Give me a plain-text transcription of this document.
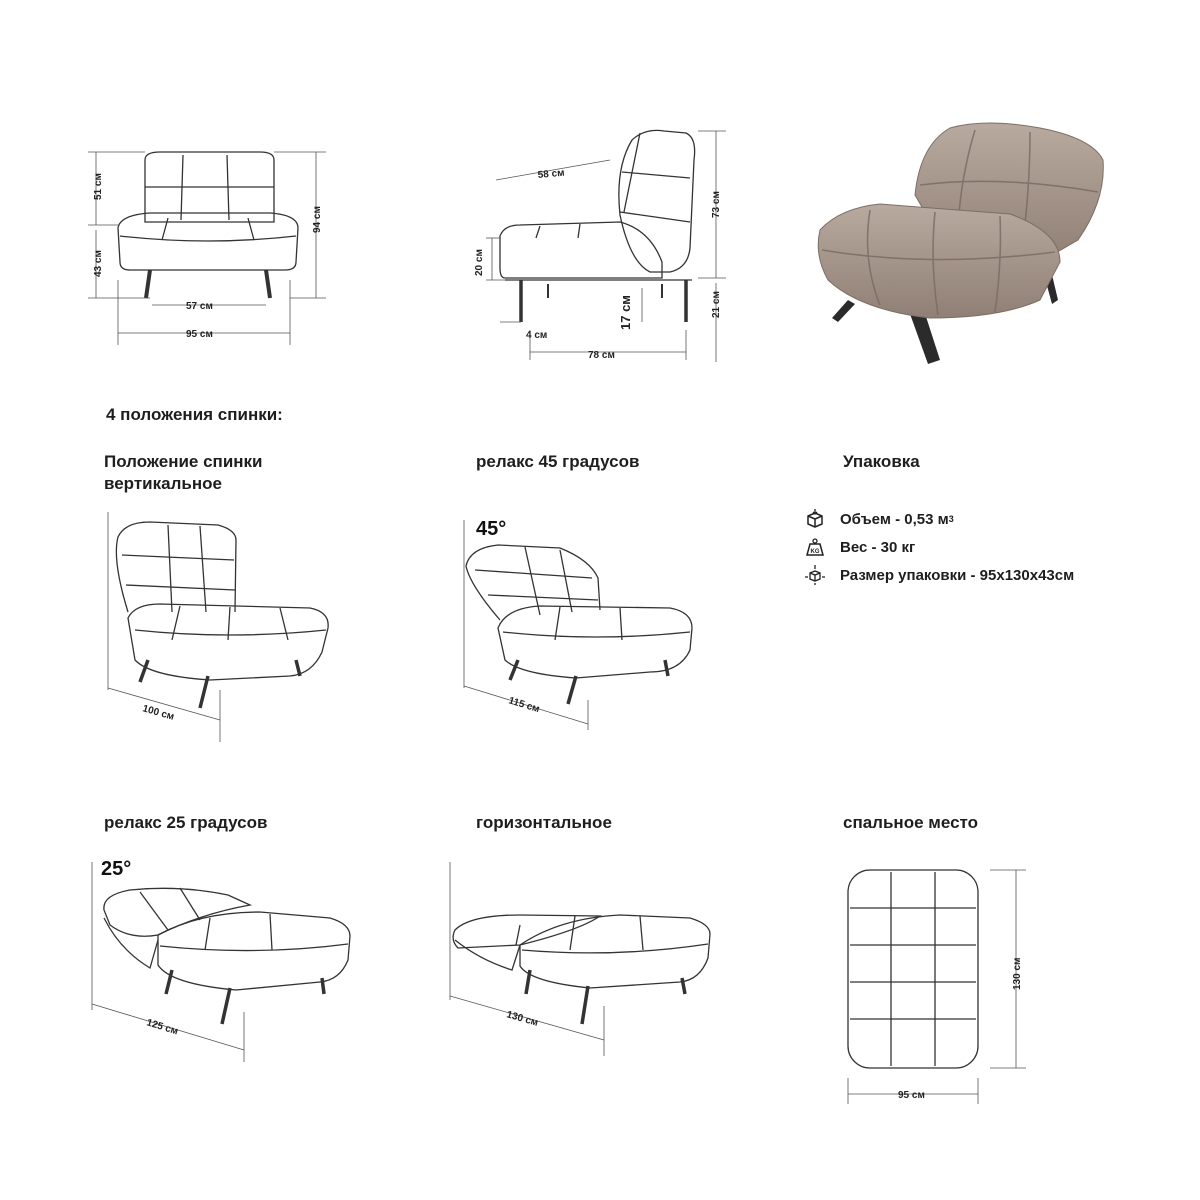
51 см
43 см
94 см
57 см
95 см
58 см
73 см
20 см
17 см	21 см
4 см
78 см
4 положения спинки:
Положение спинки
вертикальное
релакс 45 градусов	Упаковка
релакс 25 градусов	горизонтальное	спальное место
45°
25°
Объем - 0,53 м 3
KG Вес - 30 кг
Размер упаковки - 95x130x43см
100 см	115 см
125 см	130 см
130 см
95 см
